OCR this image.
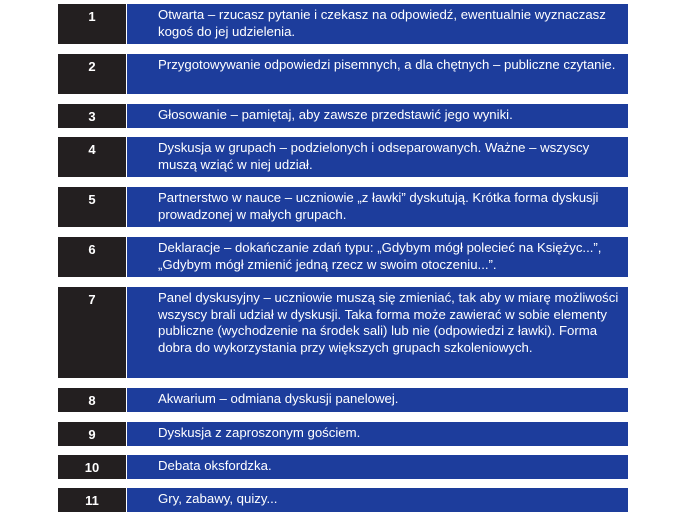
1	Otwarta – rzucasz pytanie i czekasz na odpowiedź, ewentualnie wyznaczasz kogoś do jej udzielenia.
2	Przygotowywanie odpowiedzi pisemnych, a dla chętnych – publiczne czytanie.
3	Głosowanie – pamiętaj, aby zawsze przedstawić jego wyniki.
4	Dyskusja w grupach – podzielonych i odseparowanych. Ważne – wszyscy muszą wziąć w niej udział.
5	Partnerstwo w nauce – uczniowie „z ławki” dyskutują. Krótka forma dyskusji prowadzonej w małych grupach.
6	Deklaracje – dokańczanie zdań typu: „Gdybym mógł polecieć na Księżyc...”, „Gdybym mógł zmienić jedną rzecz w swoim otoczeniu...”.
7	Panel dyskusyjny – uczniowie muszą się zmieniać, tak aby w miarę możliwości wszyscy brali udział w dyskusji. Taka forma może zawierać w sobie elementy publiczne (wychodzenie na środek sali) lub nie (odpowiedzi z ławki). Forma dobra do wykorzystania przy większych grupach szkoleniowych.
8	Akwarium – odmiana dyskusji panelowej.
9	Dyskusja z zaproszonym gościem.
10	Debata oksfordzka.
11	Gry, zabawy, quizy...
